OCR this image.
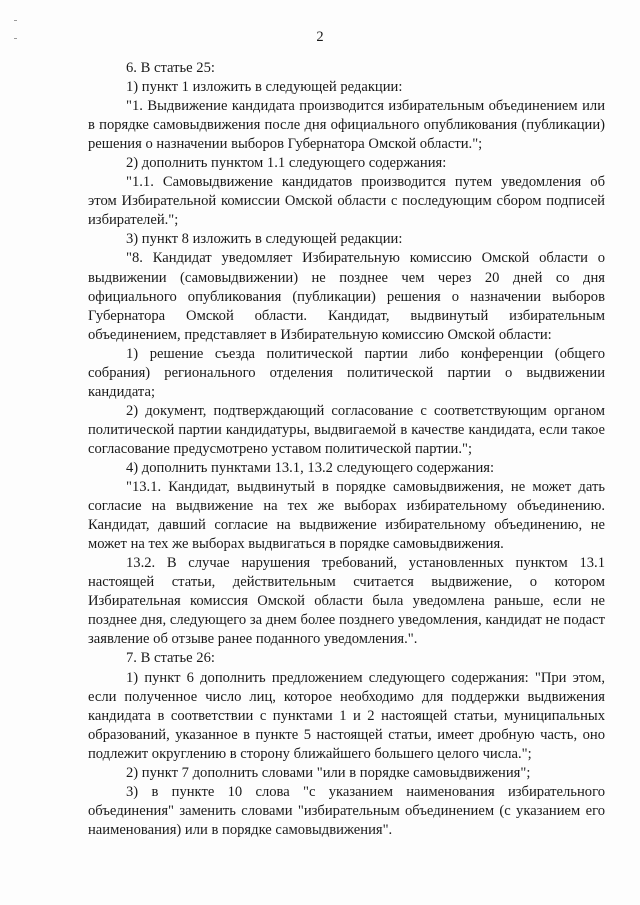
2

6. В статье 25:

1) пункт 1 изложить в следующей редакции:

"1. Выдвижение кандидата производится избирательным объединением или в порядке самовыдвижения после дня официального опубликования (публикации) решения о назначении выборов Губернатора Омской области.";

2) дополнить пунктом 1.1 следующего содержания:

"1.1. Самовыдвижение кандидатов производится путем уведомления об этом Избирательной комиссии Омской области с последующим сбором подписей избирателей.";

3) пункт 8 изложить в следующей редакции:

"8. Кандидат уведомляет Избирательную комиссию Омской области о выдвижении (самовыдвижении) не позднее чем через 20 дней со дня официального опубликования (публикации) решения о назначении выборов Губернатора Омской области. Кандидат, выдвинутый избирательным объединением, представляет в Избирательную комиссию Омской области:

1) решение съезда политической партии либо конференции (общего собрания) регионального отделения политической партии о выдвижении кандидата;

2) документ, подтверждающий согласование с соответствующим органом политической партии кандидатуры, выдвигаемой в качестве кандидата, если такое согласование предусмотрено уставом политической партии.";

4) дополнить пунктами 13.1, 13.2 следующего содержания:

"13.1. Кандидат, выдвинутый в порядке самовыдвижения, не может дать согласие на выдвижение на тех же выборах избирательному объединению. Кандидат, давший согласие на выдвижение избирательному объединению, не может на тех же выборах выдвигаться в порядке самовыдвижения.

13.2. В случае нарушения требований, установленных пунктом 13.1 настоящей статьи, действительным считается выдвижение, о котором Избирательная комиссия Омской области была уведомлена раньше, если не позднее дня, следующего за днем более позднего уведомления, кандидат не подаст заявление об отзыве ранее поданного уведомления.".

7. В статье 26:

1) пункт 6 дополнить предложением следующего содержания: "При этом, если полученное число лиц, которое необходимо для поддержки выдвижения кандидата в соответствии с пунктами 1 и 2 настоящей статьи, муниципальных образований, указанное в пункте 5 настоящей статьи, имеет дробную часть, оно подлежит округлению в сторону ближайшего большего целого числа.";

2) пункт 7 дополнить словами "или в порядке самовыдвижения";

3) в пункте 10 слова "с указанием наименования избирательного объединения" заменить словами "избирательным объединением (с указанием его наименования) или в порядке самовыдвижения".
